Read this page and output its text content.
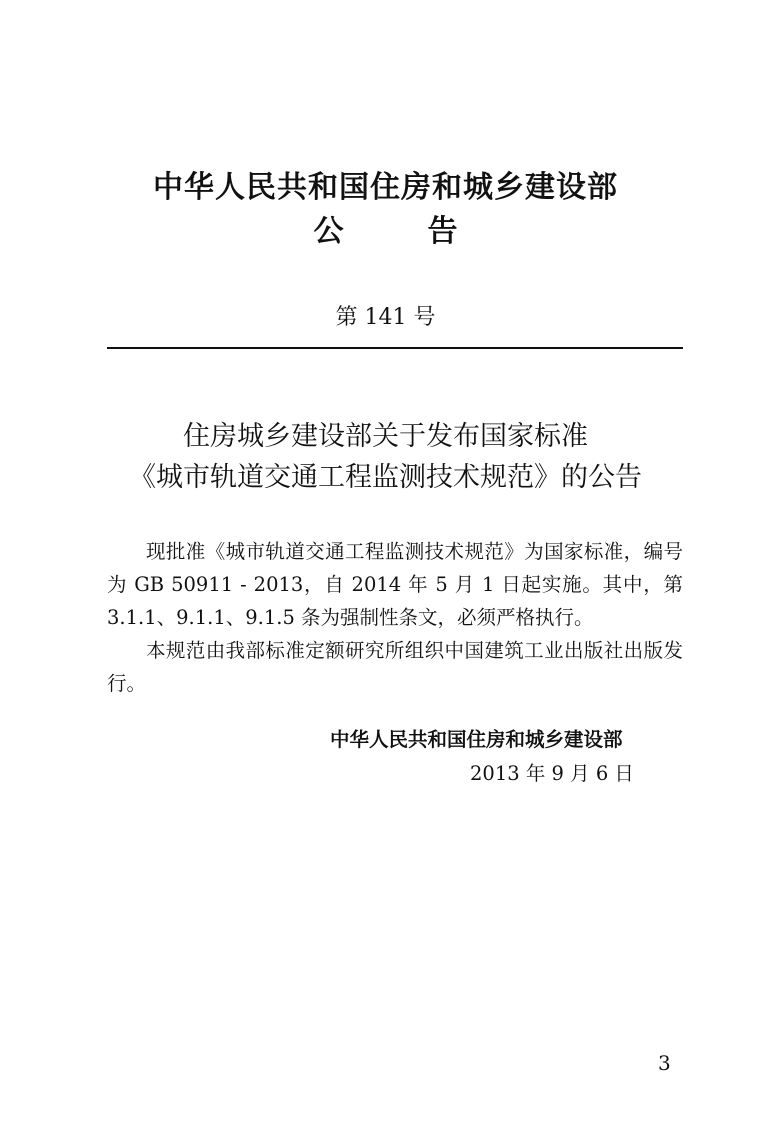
中华人民共和国住房和城乡建设部
公	告
第 141 号
住房城乡建设部关于发布国家标准
《城市轨道交通工程监测技术规范》的公告
现批准《城市轨道交通工程监测技术规范》为国家标准，编号为 GB 50911 - 2013，自 2014 年 5 月 1 日起实施。其中，第 3.1.1、9.1.1、9.1.5 条为强制性条文，必须严格执行。
本规范由我部标准定额研究所组织中国建筑工业出版社出版发行。
中华人民共和国住房和城乡建设部
2013 年 9 月 6 日
3
